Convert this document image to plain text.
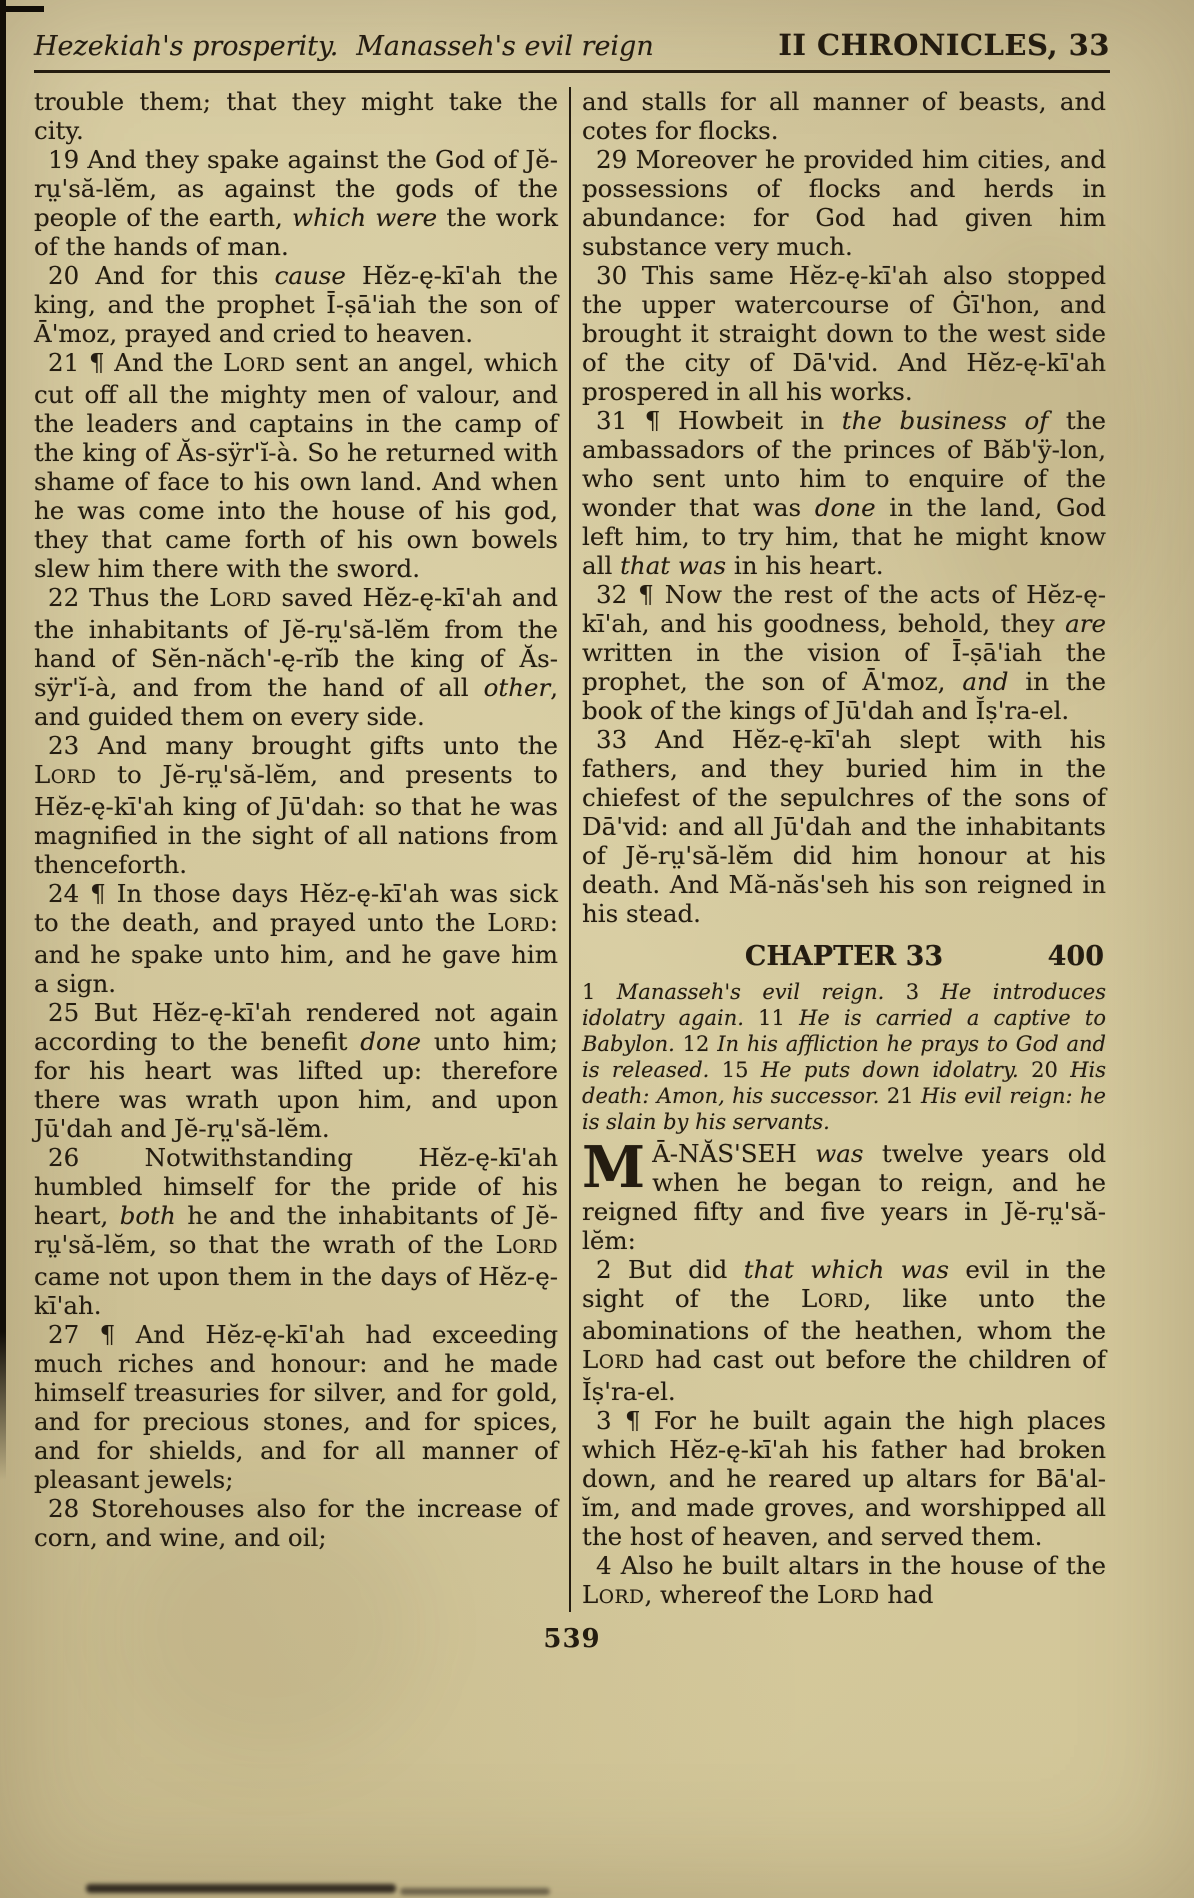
Hezekiah's prosperity. Manasseh's evil reign	II CHRONICLES, 33

trouble them; that they might take the city.

19 And they spake against the God of Jĕ-rṳ'să-lĕm, as against the gods of the people of the earth, which were the work of the hands of man.

20 And for this cause Hĕz-ę-kī'ah the king, and the prophet Ī-ṣā'iah the son of Ā'moz, prayed and cried to heaven.

21 ¶ And the LORD sent an angel, which cut off all the mighty men of valour, and the leaders and captains in the camp of the king of Ăs-sÿr'ĭ-à. So he returned with shame of face to his own land. And when he was come into the house of his god, they that came forth of his own bowels slew him there with the sword.

22 Thus the LORD saved Hĕz-ę-kī'ah and the inhabitants of Jĕ-rṳ'să-lĕm from the hand of Sĕn-năch'-ę-rĭb the king of Ăs-sÿr'ĭ-à, and from the hand of all other, and guided them on every side.

23 And many brought gifts unto the LORD to Jĕ-rṳ'să-lĕm, and presents to Hĕz-ę-kī'ah king of Jū'dah: so that he was magnified in the sight of all nations from thenceforth.

24 ¶ In those days Hĕz-ę-kī'ah was sick to the death, and prayed unto the LORD: and he spake unto him, and he gave him a sign.

25 But Hĕz-ę-kī'ah rendered not again according to the benefit done unto him; for his heart was lifted up: therefore there was wrath upon him, and upon Jū'dah and Jĕ-rṳ'să-lĕm.

26 Notwithstanding Hĕz-ę-kī'ah humbled himself for the pride of his heart, both he and the inhabitants of Jĕ-rṳ'să-lĕm, so that the wrath of the LORD came not upon them in the days of Hĕz-ę-kī'ah.

27 ¶ And Hĕz-ę-kī'ah had exceeding much riches and honour: and he made himself treasuries for silver, and for gold, and for precious stones, and for spices, and for shields, and for all manner of pleasant jewels;

28 Storehouses also for the increase of corn, and wine, and oil;

and stalls for all manner of beasts, and cotes for flocks.

29 Moreover he provided him cities, and possessions of flocks and herds in abundance: for God had given him substance very much.

30 This same Hĕz-ę-kī'ah also stopped the upper watercourse of Ġī'hon, and brought it straight down to the west side of the city of Dā'vid. And Hĕz-ę-kī'ah prospered in all his works.

31 ¶ Howbeit in the business of the ambassadors of the princes of Băb'ÿ-lon, who sent unto him to enquire of the wonder that was done in the land, God left him, to try him, that he might know all that was in his heart.

32 ¶ Now the rest of the acts of Hĕz-ę-kī'ah, and his goodness, behold, they are written in the vision of Ī-ṣā'iah the prophet, the son of Ā'moz, and in the book of the kings of Jū'dah and Ĭṣ'ra-el.

33 And Hĕz-ę-kī'ah slept with his fathers, and they buried him in the chiefest of the sepulchres of the sons of Dā'vid: and all Jū'dah and the inhabitants of Jĕ-rṳ'să-lĕm did him honour at his death. And Mă-năs'seh his son reigned in his stead.

CHAPTER 33	400

1 Manasseh's evil reign. 3 He introduces idolatry again. 11 He is carried a captive to Babylon. 12 In his affliction he prays to God and is released. 15 He puts down idolatry. 20 His death: Amon, his successor. 21 His evil reign: he is slain by his servants.

M Ā-NĂS'SEH was twelve years old when he began to reign, and he reigned fifty and five years in Jĕ-rṳ'să-lĕm:

2 But did that which was evil in the sight of the LORD, like unto the abominations of the heathen, whom the LORD had cast out before the children of Ĭṣ'ra-el.

3 ¶ For he built again the high places which Hĕz-ę-kī'ah his father had broken down, and he reared up altars for Bā'al-ĭm, and made groves, and worshipped all the host of heaven, and served them.

4 Also he built altars in the house of the LORD, whereof the LORD had

539
